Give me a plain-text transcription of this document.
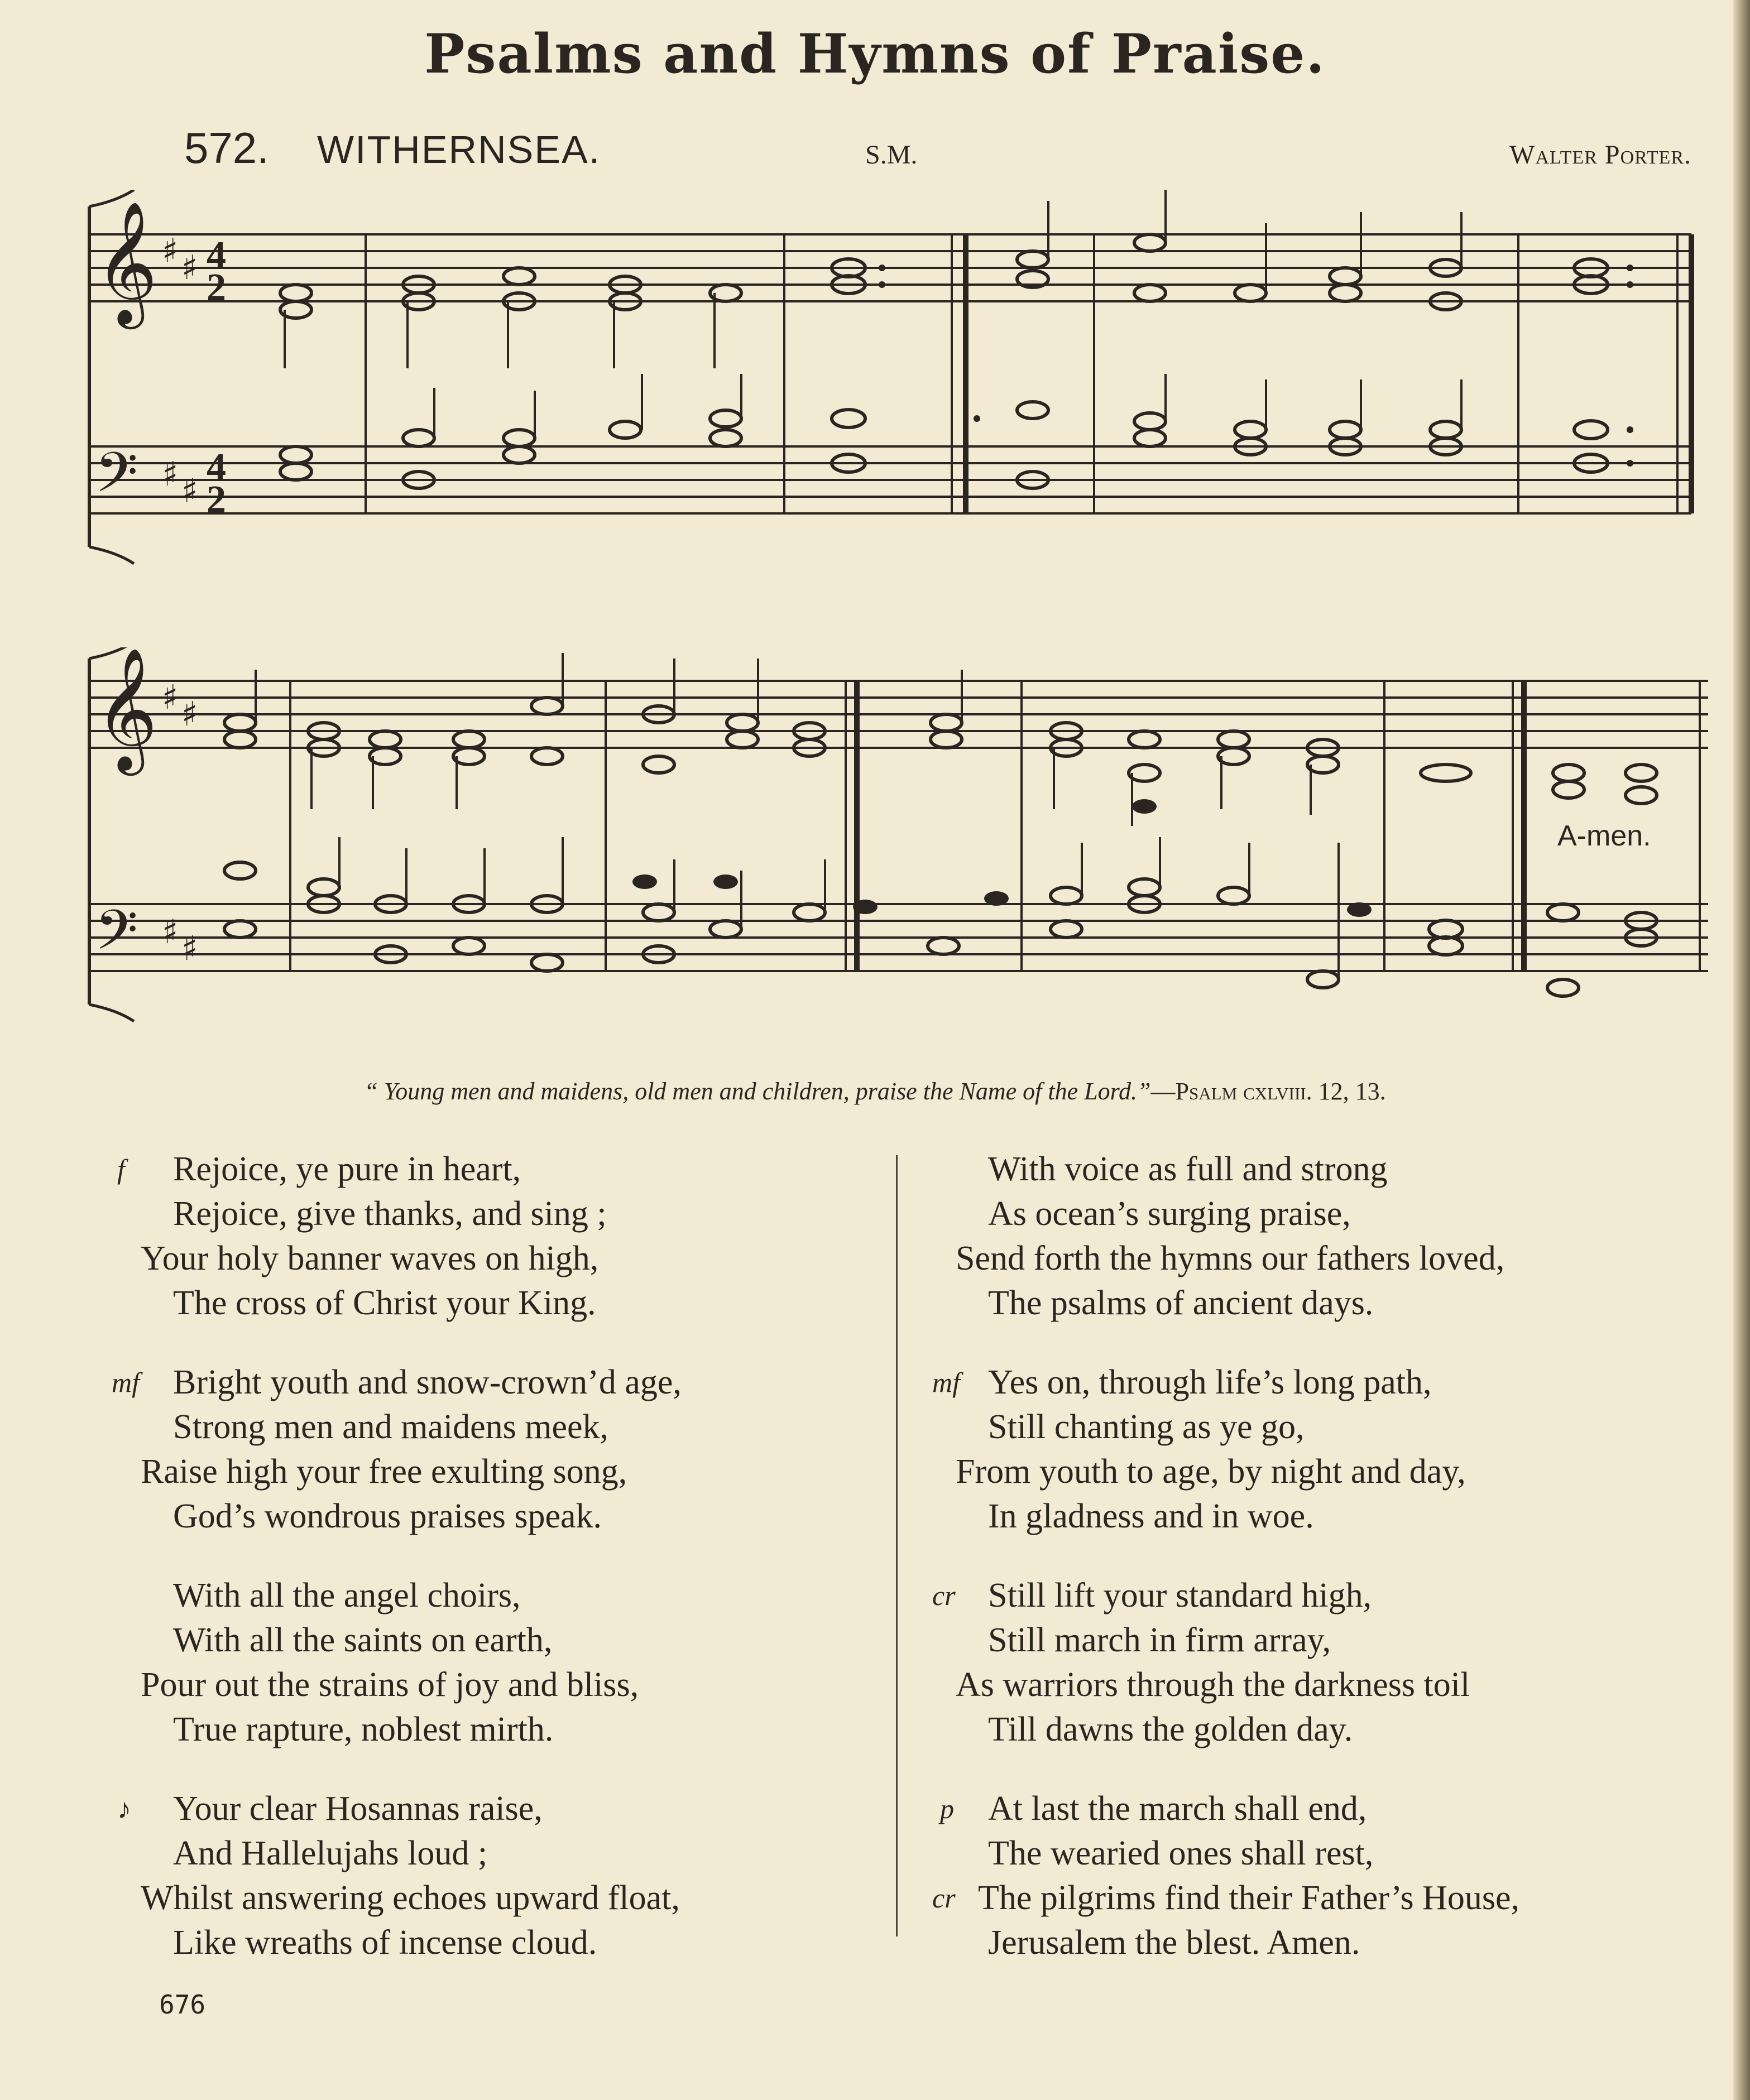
Psalms and Hymns of Praise.
572. WITHERNSEA.	S.M.	Walter Porter.
𝄞
𝄢
♯ ♯
♯ ♯
4
2
4
2
𝄞
𝄢
♯ ♯
♯ ♯
A-men.
“ Young men and maidens, old men and children, praise the Name of the Lord.”—Psalm cxlviii. 12, 13.
f Rejoice, ye pure in heart,
Rejoice, give thanks, and sing ;
Your holy banner waves on high,
The cross of Christ your King.
mf Bright youth and snow-crown’d age,
Strong men and maidens meek,
Raise high your free exulting song,
God’s wondrous praises speak.
With all the angel choirs,
With all the saints on earth,
Pour out the strains of joy and bliss,
True rapture, noblest mirth.
♪ Your clear Hosannas raise,
And Hallelujahs loud ;
Whilst answering echoes upward float,
Like wreaths of incense cloud.
With voice as full and strong
As ocean’s surging praise,
Send forth the hymns our fathers loved,
The psalms of ancient days.
mf Yes on, through life’s long path,
Still chanting as ye go,
From youth to age, by night and day,
In gladness and in woe.
cr Still lift your standard high,
Still march in firm array,
As warriors through the darkness toil
Till dawns the golden day.
p
cr
At last the march shall end,
The wearied ones shall rest,
The pilgrims find their Father’s House,
Jerusalem the blest. Amen.
676
